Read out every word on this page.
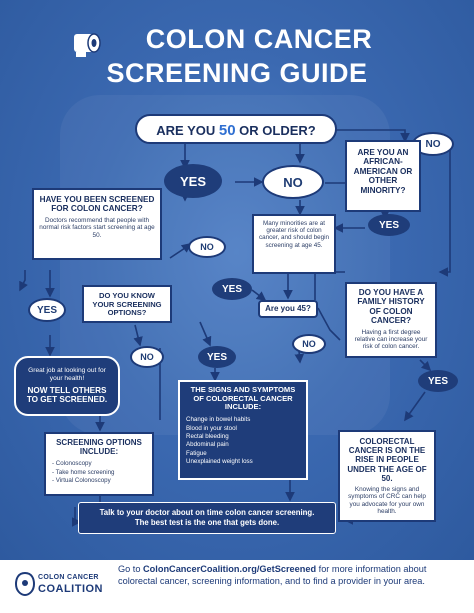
COLON CANCER
SCREENING GUIDE
ARE YOU 50 OR OLDER?
YES	NO
NO
ARE YOU AN AFRICAN-AMERICAN OR OTHER MINORITY?
HAVE YOU BEEN SCREENED FOR COLON CANCER?
Doctors recommend that people with normal risk factors start screening at age 50.
Many minorities are at greater risk of colon cancer, and should begin screening at age 45.
YES
NO
YES
DO YOU KNOW YOUR SCREENING OPTIONS?	Are you 45?
DO YOU HAVE A FAMILY HISTORY OF COLON CANCER?
Having a first degree relative can increase your risk of colon cancer.
YES
NO
Great job at looking out for your health!
NOW TELL OTHERS TO GET SCREENED.
NO	YES
YES
THE SIGNS AND SYMPTOMS OF COLORECTAL CANCER INCLUDE:
Change in bowel habits
Blood in your stool
Rectal bleeding
Abdominal pain
Fatigue
Unexplained weight loss
SCREENING OPTIONS INCLUDE:
- Colonoscopy
- Take home screening
- Virtual Colonoscopy
COLORECTAL CANCER IS ON THE RISE IN PEOPLE UNDER THE AGE OF 50.
Knowing the signs and symptoms of CRC can help you advocate for your own health.
Talk to your doctor about on time colon cancer screening.
The best test is the one that gets done.
COLON CANCER
COALITION
Go to ColonCancerCoalition.org/GetScreened for more information about colorectal cancer, screening information, and to find a provider in your area.
